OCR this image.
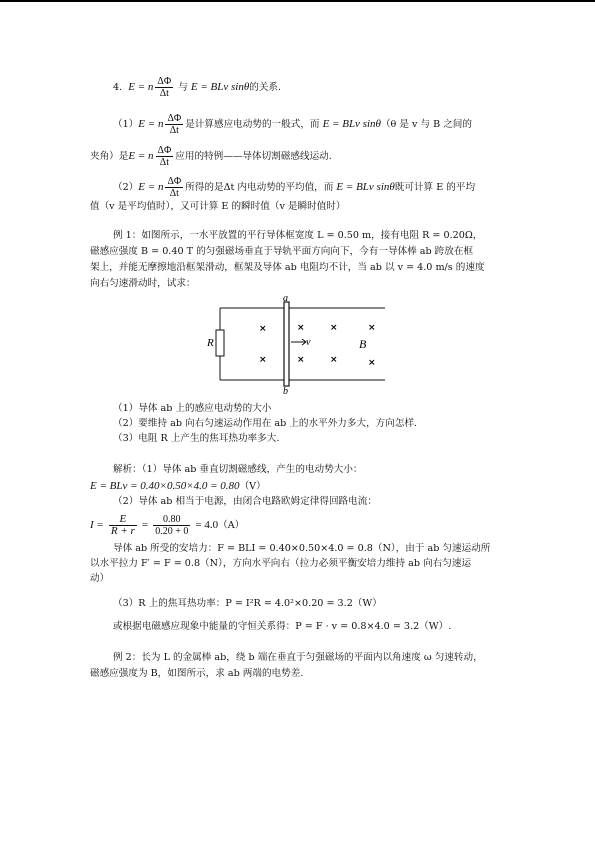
4. E = n $\frac{\Delta\Phi}{\Delta t}$ 与 E = BLv sinθ的关系.
（1）E = n $\frac{\Delta\Phi}{\Delta t}$ 是计算感应电动势的一般式，而 E = BLv sinθ（θ 是 v 与 B 之间的
夹角）是E = n $\frac{\Delta\Phi}{\Delta t}$ 应用的特例——导体切割磁感线运动.
（2）E = n $\frac{\Delta\Phi}{\Delta t}$ 所得的是Δt 内电动势的平均值，而 E = BLv sinθ既可计算 E 的平均
值（v 是平均值时），又可计算 E 的瞬时值（v 是瞬时值时）
例 1：如图所示，一水平放置的平行导体框宽度 L = 0.50 m，接有电阻 R = 0.20Ω，
磁感应强度 B = 0.40 T 的匀强磁场垂直于导轨平面方向向下，今有一导体棒 ab 跨放在框
架上，并能无摩擦地沿框架滑动，框架及导体 ab 电阻均不计，当 ab 以 v = 4.0 m/s 的速度
向右匀速滑动时，试求：
R
a
b
v	B
×
×
×
×
×
×
×
×
（1）导体 ab 上的感应电动势的大小
（2）要维持 ab 向右匀速运动作用在 ab 上的水平外力多大，方向怎样.
（3）电阻 R 上产生的焦耳热功率多大.
解析：（1）导体 ab 垂直切割磁感线，产生的电动势大小：
E = BLv = 0.40×0.50×4.0 = 0.80（V）
（2）导体 ab 相当于电源，由闭合电路欧姆定律得回路电流：
$I = \frac{E}{R + r} = \frac{0.80}{0.20 + 0} = 4.0(A)$
导体 ab 所受的安培力：F = BLI = 0.40×0.50×4.0 = 0.8（N），由于 ab 匀速运动所
以水平拉力 F′ = F = 0.8（N），方向水平向右（拉力必须平衡安培力维持 ab 向右匀速运
动）
（3）R 上的焦耳热功率：P = I²R = 4.0²×0.20 = 3.2（W）
或根据电磁感应现象中能量的守恒关系得：P = F · v = 0.8×4.0 = 3.2（W）.
例 2：长为 L 的金属棒 ab，绕 b 端在垂直于匀强磁场的平面内以角速度 ω 匀速转动，
磁感应强度为 B，如图所示，求 ab 两端的电势差.
